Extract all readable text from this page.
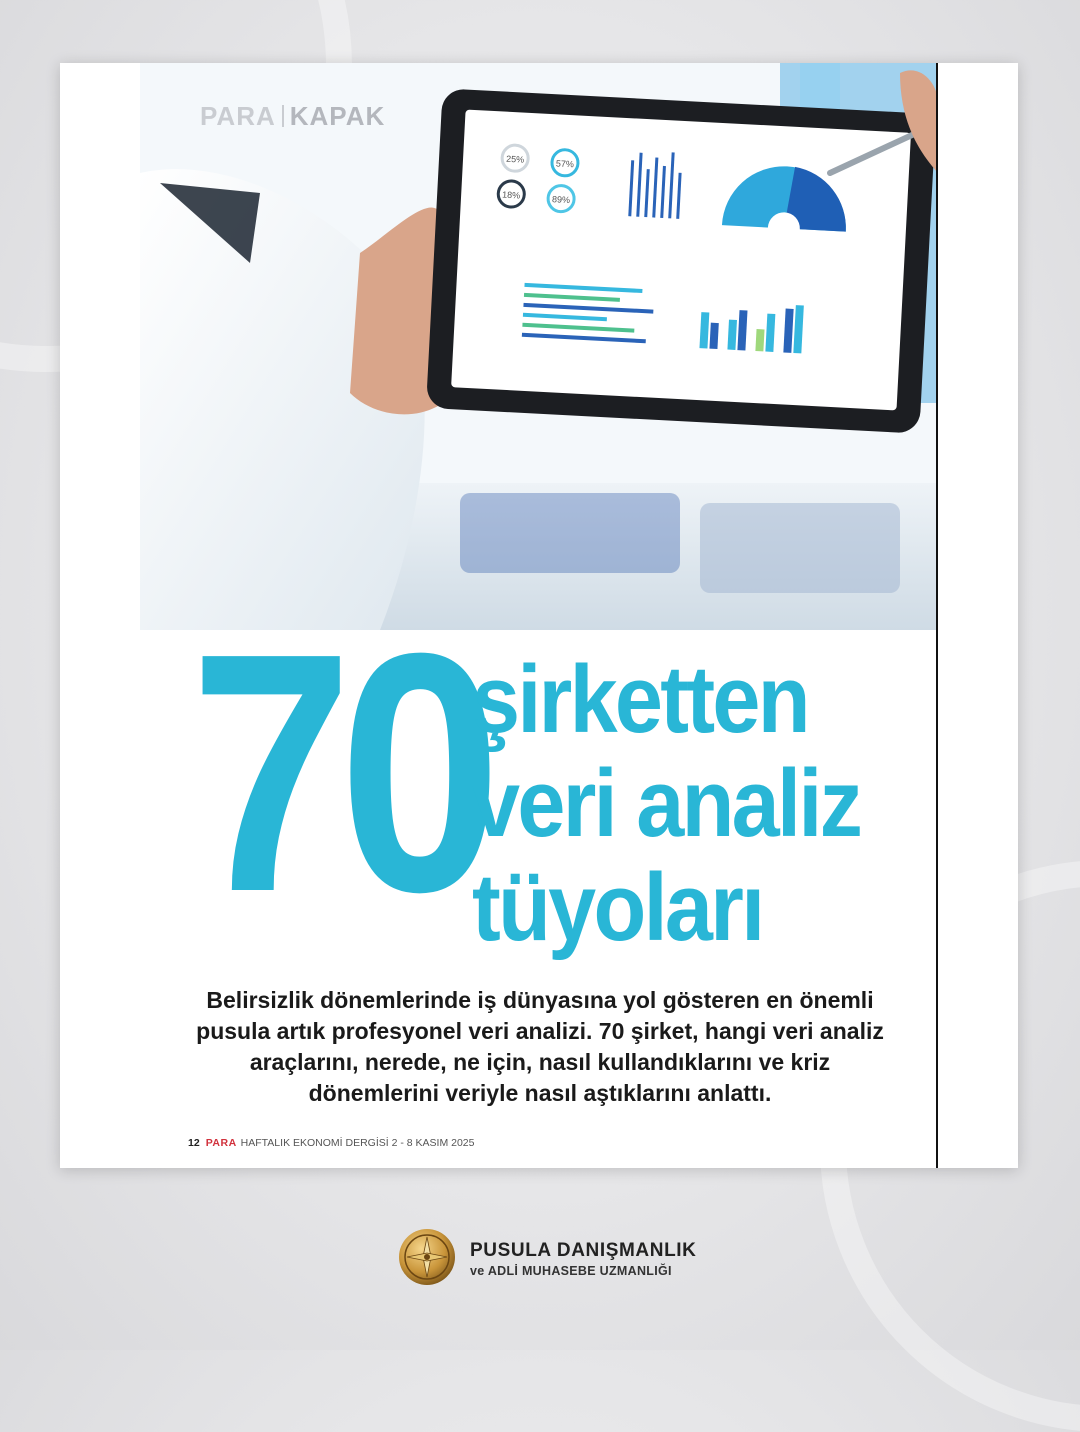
25%	57%
18%	89%
PARA KAPAK
70
şirketten
veri analiz
tüyoları
Belirsizlik dönemlerinde iş dünyasına yol gösteren en önemli pusula artık profesyonel veri analizi. 70 şirket, hangi veri analiz araçlarını, nerede, ne için, nasıl kullandıklarını ve kriz dönemlerini veriyle nasıl aştıklarını anlattı.
12 PARA HAFTALIK EKONOMİ DERGİSİ 2 - 8 KASIM 2025
PUSULA DANIŞMANLIK
ve ADLİ MUHASEBE UZMANLIĞI
